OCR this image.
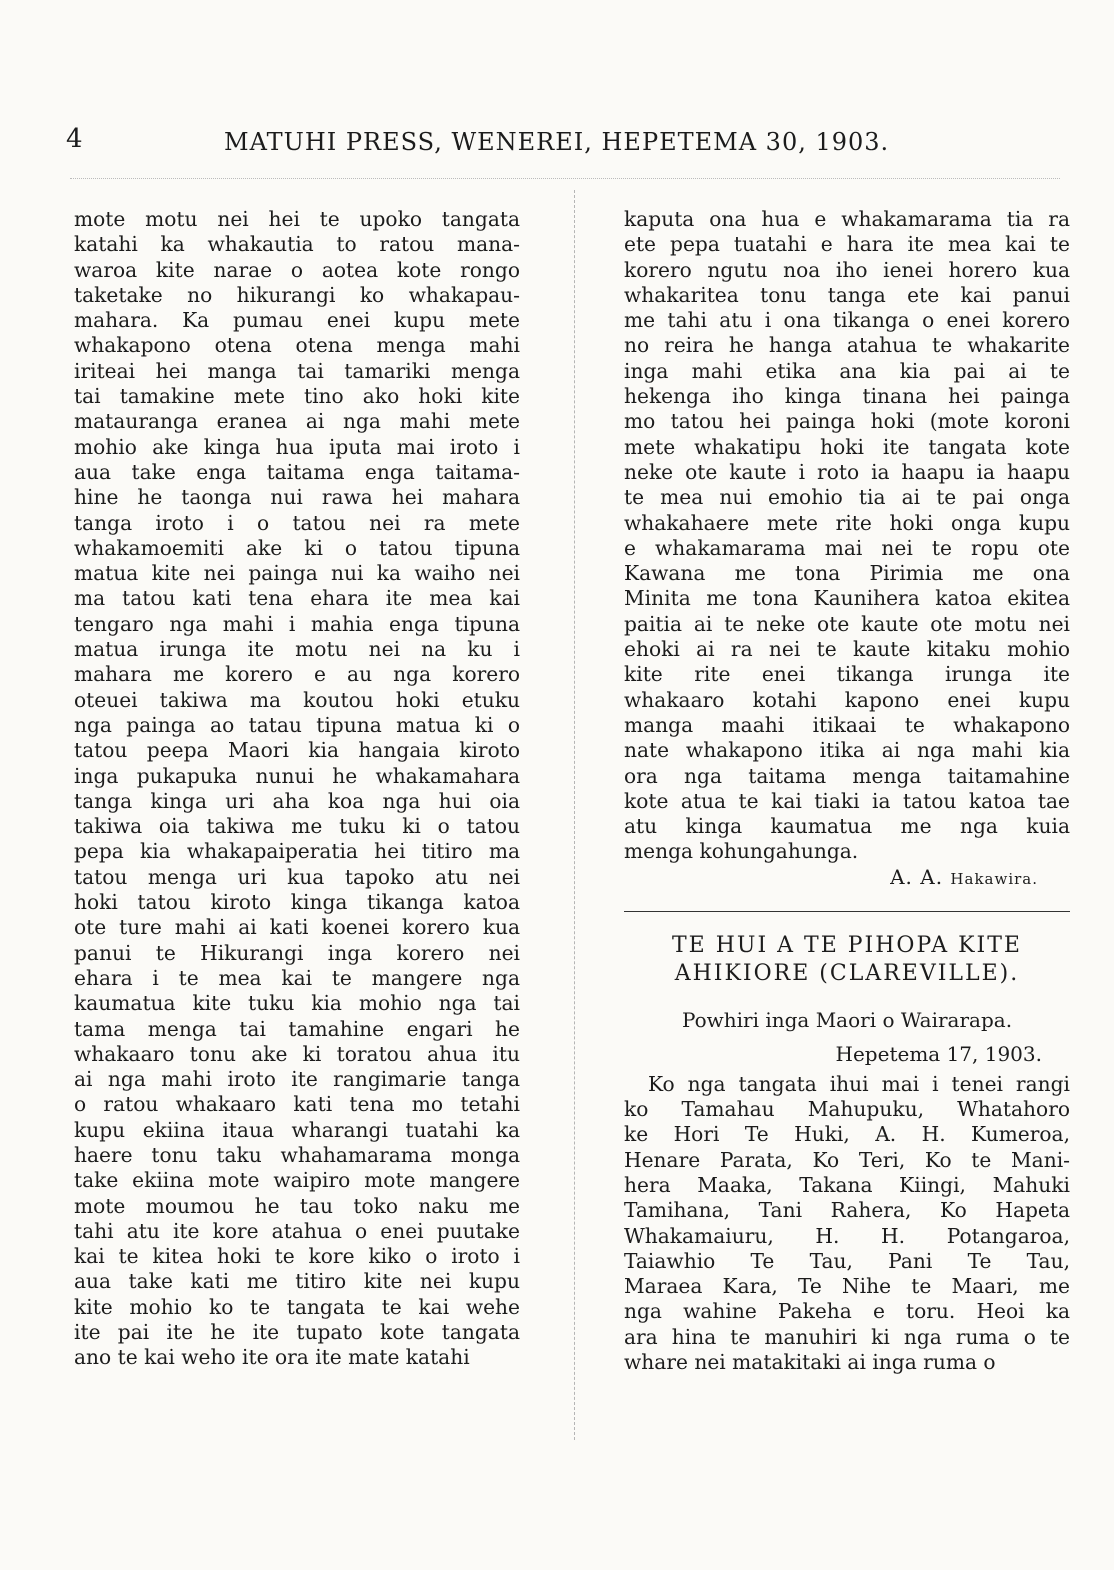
4	MATUHI PRESS, WENEREI, HEPETEMA 30, 1903.
mote motu nei hei te upoko tangata
katahi ka whakautia to ratou mana-
waroa kite narae o aotea kote rongo
taketake no hikurangi ko whakapau-
mahara. Ka pumau enei kupu mete
whakapono otena otena menga mahi
iriteai hei manga tai tamariki menga
tai tamakine mete tino ako hoki kite
matauranga eranea ai nga mahi mete
mohio ake kinga hua iputa mai iroto i
aua take enga taitama enga taitama-
hine he taonga nui rawa hei mahara
tanga iroto i o tatou nei ra mete
whakamoemiti ake ki o tatou tipuna
matua kite nei painga nui ka waiho nei
ma tatou kati tena ehara ite mea kai
tengaro nga mahi i mahia enga tipuna
matua irunga ite motu nei na ku i
mahara me korero e au nga korero
oteuei takiwa ma koutou hoki etuku
nga painga ao tatau tipuna matua ki o
tatou peepa Maori kia hangaia kiroto
inga pukapuka nunui he whakamahara
tanga kinga uri aha koa nga hui oia
takiwa oia takiwa me tuku ki o tatou
pepa kia whakapaiperatia hei titiro ma
tatou menga uri kua tapoko atu nei
hoki tatou kiroto kinga tikanga katoa
ote ture mahi ai kati koenei korero kua
panui te Hikurangi inga korero nei
ehara i te mea kai te mangere nga
kaumatua kite tuku kia mohio nga tai
tama menga tai tamahine engari he
whakaaro tonu ake ki toratou ahua itu
ai nga mahi iroto ite rangimarie tanga
o ratou whakaaro kati tena mo tetahi
kupu ekiina itaua wharangi tuatahi ka
haere tonu taku whahamarama monga
take ekiina mote waipiro mote mangere
mote moumou he tau toko naku me
tahi atu ite kore atahua o enei puutake
kai te kitea hoki te kore kiko o iroto i
aua take kati me titiro kite nei kupu
kite mohio ko te tangata te kai wehe
ite pai ite he ite tupato kote tangata
ano te kai weho ite ora ite mate katahi
kaputa ona hua e whakamarama tia ra
ete pepa tuatahi e hara ite mea kai te
korero ngutu noa iho ienei horero kua
whakaritea tonu tanga ete kai panui
me tahi atu i ona tikanga o enei korero
no reira he hanga atahua te whakarite
inga mahi etika ana kia pai ai te
hekenga iho kinga tinana hei painga
mo tatou hei painga hoki (mote koroni
mete whakatipu hoki ite tangata kote
neke ote kaute i roto ia haapu ia haapu
te mea nui emohio tia ai te pai onga
whakahaere mete rite hoki onga kupu
e whakamarama mai nei te ropu ote
Kawana me tona Pirimia me ona
Minita me tona Kaunihera katoa ekitea
paitia ai te neke ote kaute ote motu nei
ehoki ai ra nei te kaute kitaku mohio
kite rite enei tikanga irunga ite
whakaaro kotahi kapono enei kupu
manga maahi itikaai te whakapono
nate whakapono itika ai nga mahi kia
ora nga taitama menga taitamahine
kote atua te kai tiaki ia tatou katoa tae
atu kinga kaumatua me nga kuia
menga kohungahunga.
A. A. Hakawira.
TE HUI A TE PIHOPA KITE
AHIKIORE (CLAREVILLE).
Powhiri inga Maori o Wairarapa.
Hepetema 17, 1903.
Ko nga tangata ihui mai i tenei rangi
ko Tamahau Mahupuku, Whatahoro
ke Hori Te Huki, A. H. Kumeroa,
Henare Parata, Ko Teri, Ko te Mani-
hera Maaka, Takana Kiingi, Mahuki
Tamihana, Tani Rahera, Ko Hapeta
Whakamaiuru, H. H. Potangaroa,
Taiawhio Te Tau, Pani Te Tau,
Maraea Kara, Te Nihe te Maari, me
nga wahine Pakeha e toru. Heoi ka
ara hina te manuhiri ki nga ruma o te
whare nei matakitaki ai inga ruma o
